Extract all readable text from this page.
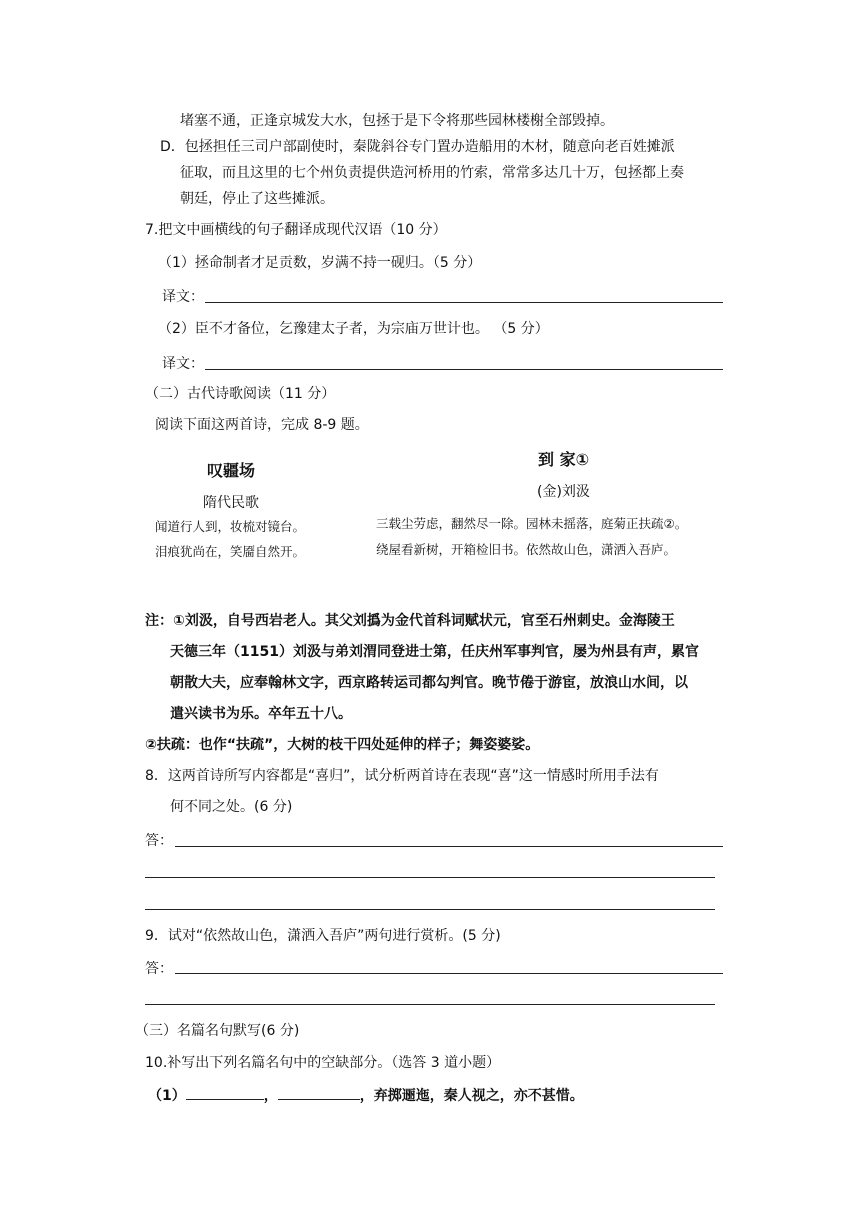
堵塞不通，正逢京城发大水，包拯于是下令将那些园林楼榭全部毁掉。
D．包拯担任三司户部副使时，秦陇斜谷专门置办造船用的木材，随意向老百姓摊派
征取，而且这里的七个州负责提供造河桥用的竹索，常常多达几十万，包拯都上奏
朝廷，停止了这些摊派。
7.把文中画横线的句子翻译成现代汉语（10 分）
（1）拯命制者才足贡数，岁满不持一砚归。（5 分）
译文：
（2）臣不才备位，乞豫建太子者，为宗庙万世计也。 （5 分）
译文：
（二）古代诗歌阅读（11 分）
阅读下面这两首诗，完成 8-9 题。
叹疆场
隋代民歌
闻道行人到，妆梳对镜台。
泪痕犹尚在，笑靥自然开。
到 家①
(金)刘汲
三载尘劳虑，翻然尽一除。园林未摇落，庭菊正扶疏②。
绕屋看新树，开箱检旧书。依然故山色，潇洒入吾庐。
注：①刘汲，自号西岩老人。其父刘撝为金代首科词赋状元，官至石州刺史。金海陵王
天德三年（1151）刘汲与弟刘渭同登进士第，任庆州军事判官，屡为州县有声，累官
朝散大夫，应奉翰林文字，西京路转运司都勾判官。晚节倦于游宦，放浪山水间，以
遣兴读书为乐。卒年五十八。
②扶疏：也作“扶疏”，大树的枝干四处延伸的样子；舞姿婆娑。
8．这两首诗所写内容都是“喜归”，试分析两首诗在表现“喜”这一情感时所用手法有
何不同之处。(6 分)
答：
9．试对“依然故山色，潇洒入吾庐”两句进行赏析。(5 分)
答：
（三）名篇名句默写(6 分)
10.补写出下列名篇名句中的空缺部分。（选答 3 道小题）
（1）	，	，弃掷逦迤，秦人视之，亦不甚惜。
